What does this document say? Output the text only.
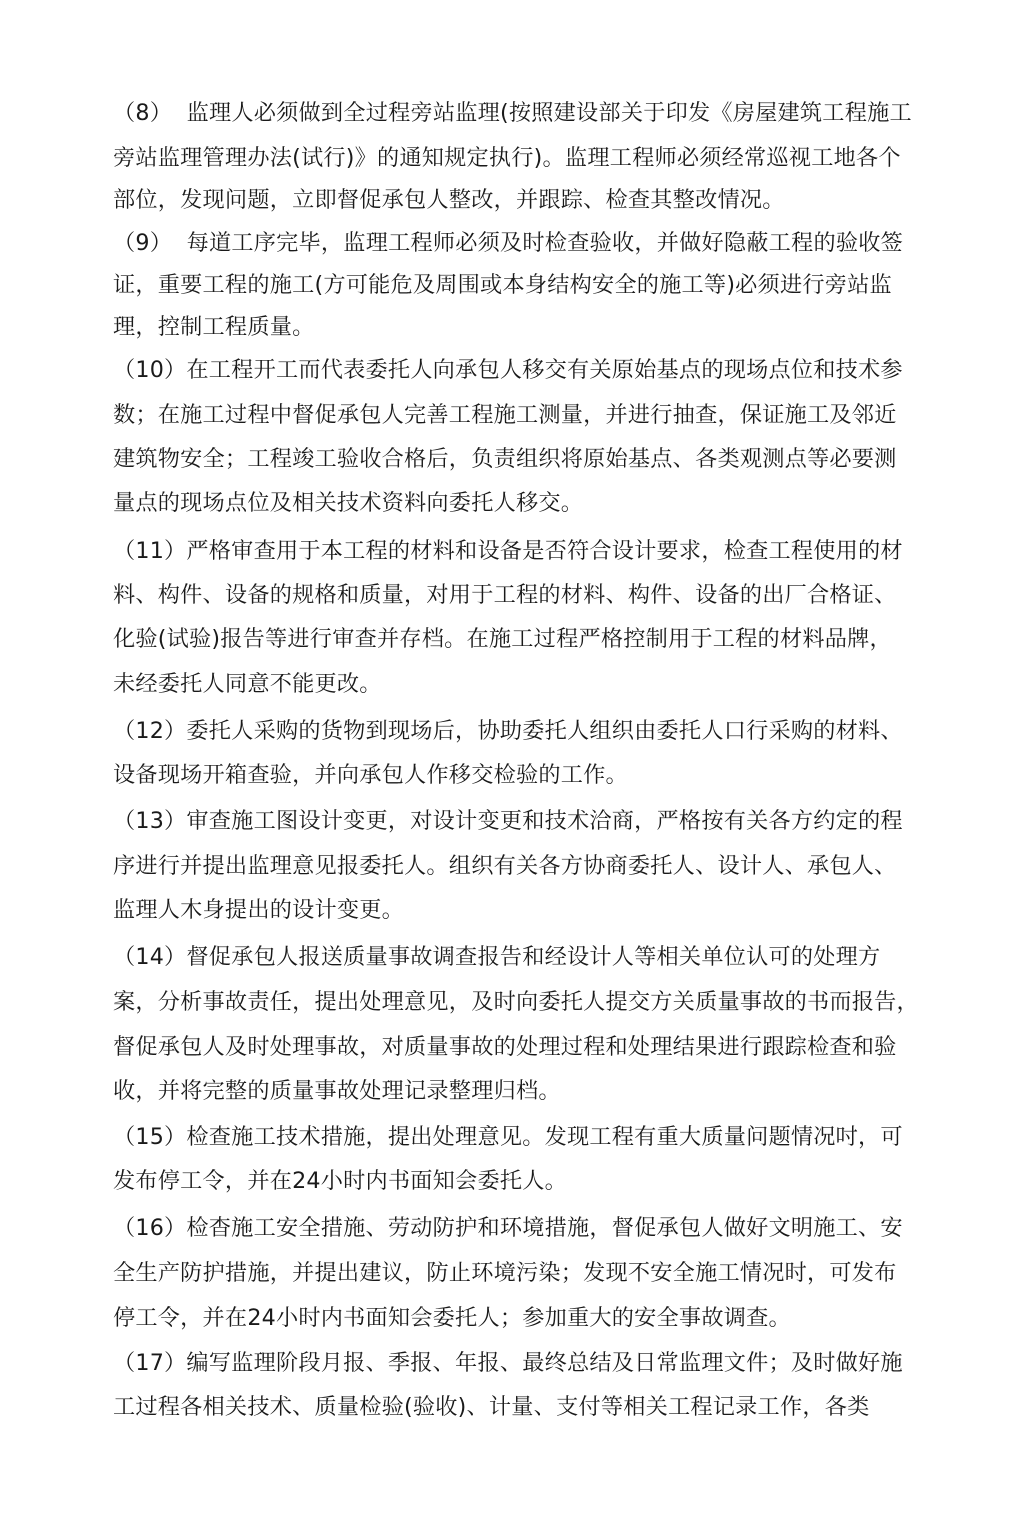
（8）  监理人必须做到全过程旁站监理(按照建设部关于印发《房屋建筑工程施工
旁站监理管理办法(试行)》的通知规定执行)。监理工程师必须经常巡视工地各个
部位，发现问题，立即督促承包人整改，并跟踪、检查其整改情况。
（9）  每道工序完毕，监理工程师必须及时检查验收，并做好隐蔽工程的验收签
证，重要工程的施工(方可能危及周围或本身结构安全的施工等)必须进行旁站监
理，控制工程质量。
（10）在工程开工而代表委托人向承包人移交有关原始基点的现场点位和技术参
数；在施工过程中督促承包人完善工程施工测量，并进行抽查，保证施工及邻近
建筑物安全；工程竣工验收合格后，负责组织将原始基点、各类观测点等必要测
量点的现场点位及相关技术资料向委托人移交。
（11）严格审查用于本工程的材料和设备是否符合设计要求，检查工程使用的材
料、构件、设备的规格和质量，对用于工程的材料、构件、设备的出厂合格证、
化验(试验)报告等进行审查并存档。在施工过程严格控制用于工程的材料品牌，
未经委托人同意不能更改。
（12）委托人采购的货物到现场后，协助委托人组织由委托人口行采购的材料、
设备现场开箱查验，并向承包人作移交检验的工作。
（13）审查施工图设计变更，对设计变更和技术洽商，严格按有关各方约定的程
序进行并提出监理意见报委托人。组织有关各方协商委托人、设计人、承包人、
监理人木身提出的设计变更。
（14）督促承包人报送质量事故调查报告和经设计人等相关单位认可的处理方
案，分析事故责任，提出处理意见，及时向委托人提交方关质量事故的书而报告，
督促承包人及时处理事故，对质量事故的处理过程和处理结果进行跟踪检查和验
收，并将完整的质量事故处理记录整理归档。
（15）检查施工技术措施，提出处理意见。发现工程有重大质量问题情况吋，可
发布停工令，并在24小时内书面知会委托人。
（16）检杳施工安全措施、劳动防护和环境措施，督促承包人做好文明施工、安
全生产防护措施，并提出建议，防止环境污染；发现不安全施工情况时，可发布
停工令，并在24小时内书面知会委托人；参加重大的安全事故调查。
（17）编写监理阶段月报、季报、年报、最终总结及日常监理文件；及时做好施
工过程各相关技术、质量检验(验收)、计量、支付等相关工程记录工作，各类
